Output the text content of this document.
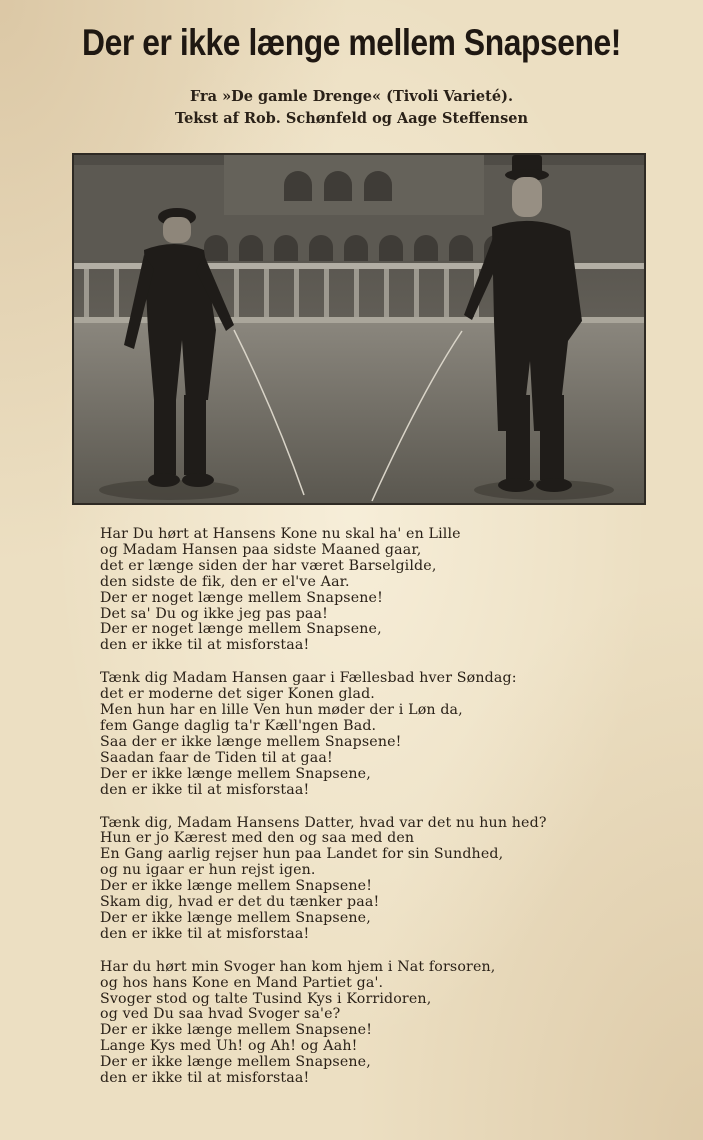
Der er ikke længe mellem Snapsene!
Fra »De gamle Drenge« (Tivoli Varieté).
Tekst af Rob. Schønfeld og Aage Steffensen
Har Du hørt at Hansens Kone nu skal ha' en Lille
og Madam Hansen paa sidste Maaned gaar,
det er længe siden der har været Barselgilde,
den sidste de fik, den er el've Aar.
Der er noget længe mellem Snapsene!
Det sa' Du og ikke jeg pas paa!
Der er noget længe mellem Snapsene,
den er ikke til at misforstaa!
Tænk dig Madam Hansen gaar i Fællesbad hver Søndag:
det er moderne det siger Konen glad.
Men hun har en lille Ven hun møder der i Løn da,
fem Gange daglig ta'r Kæll'ngen Bad.
Saa der er ikke længe mellem Snapsene!
Saadan faar de Tiden til at gaa!
Der er ikke længe mellem Snapsene,
den er ikke til at misforstaa!
Tænk dig, Madam Hansens Datter, hvad var det nu hun hed?
Hun er jo Kærest med den og saa med den
En Gang aarlig rejser hun paa Landet for sin Sundhed,
og nu igaar er hun rejst igen.
Der er ikke længe mellem Snapsene!
Skam dig, hvad er det du tænker paa!
Der er ikke længe mellem Snapsene,
den er ikke til at misforstaa!
Har du hørt min Svoger han kom hjem i Nat forsoren,
og hos hans Kone en Mand Partiet ga'.
Svoger stod og talte Tusind Kys i Korridoren,
og ved Du saa hvad Svoger sa'e?
Der er ikke længe mellem Snapsene!
Lange Kys med Uh! og Ah! og Aah!
Der er ikke længe mellem Snapsene,
den er ikke til at misforstaa!
